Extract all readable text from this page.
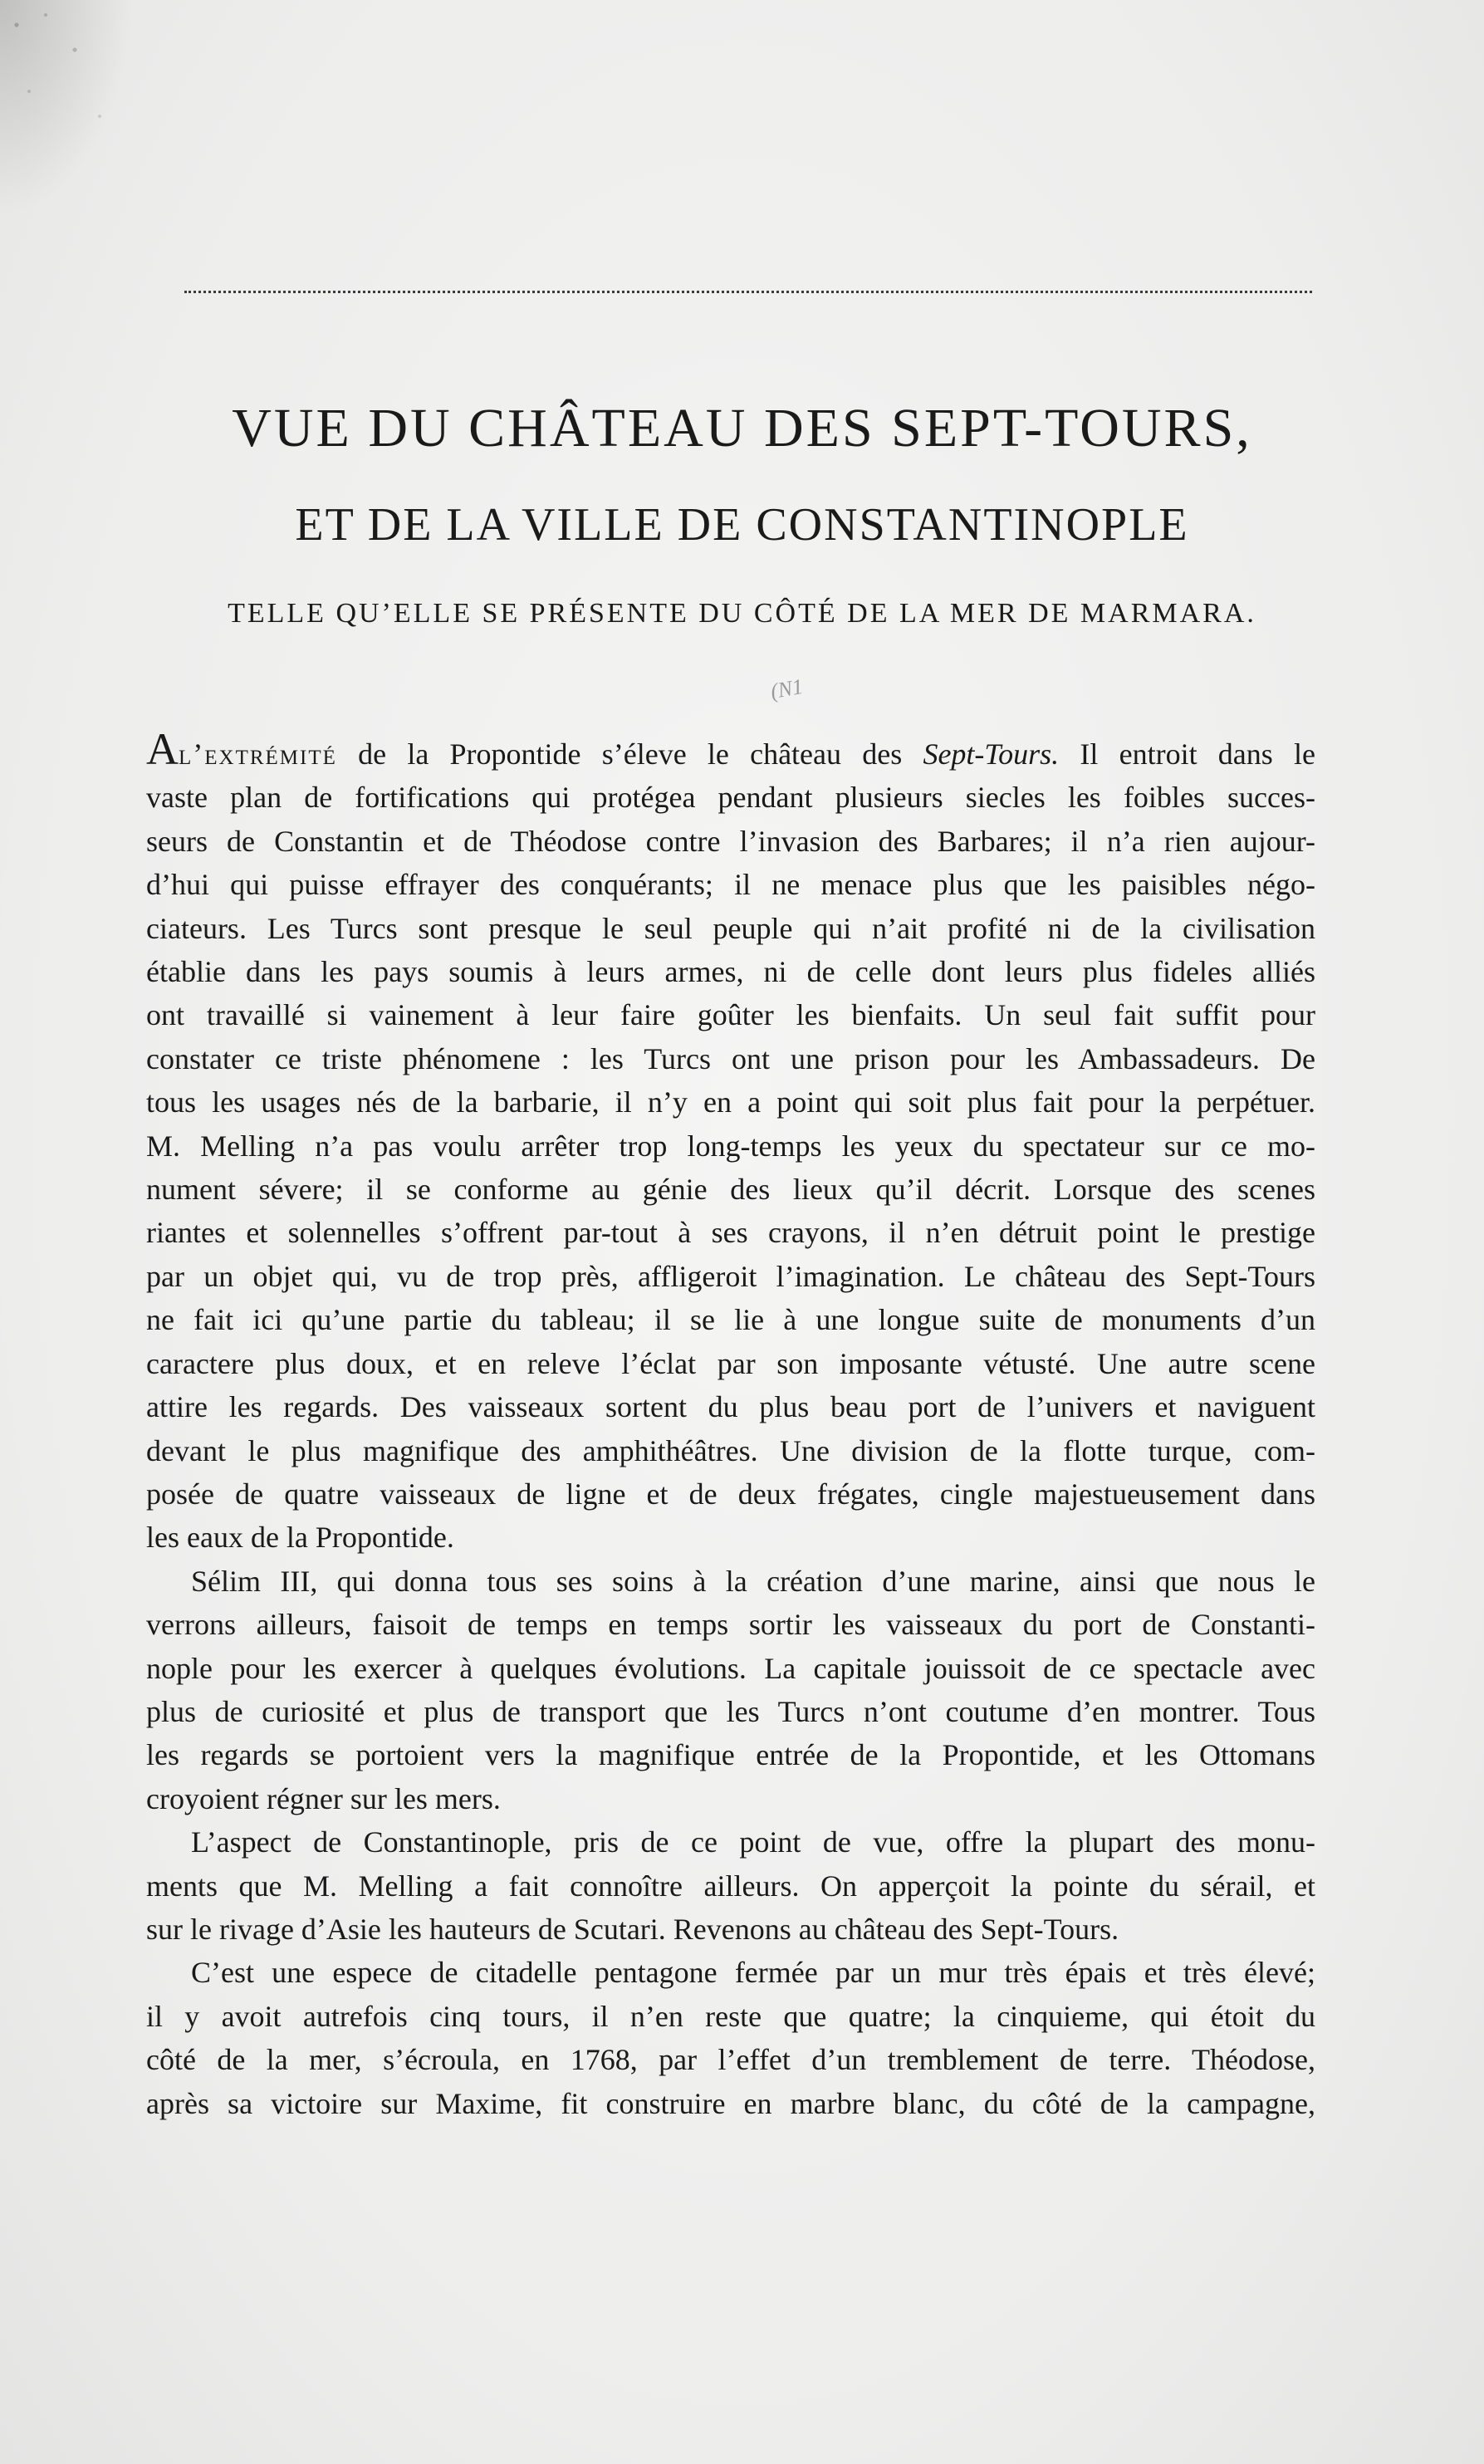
VUE DU CHÂTEAU DES SEPT-TOURS,
ET DE LA VILLE DE CONSTANTINOPLE
TELLE QU’ELLE SE PRÉSENTE DU CÔTÉ DE LA MER DE MARMARA.
(N1

Al’extrémité de la Propontide s’éleve le château des Sept-Tours. Il entroit dans le
vaste plan de fortifications qui protégea pendant plusieurs siecles les foibles succes-
seurs de Constantin et de Théodose contre l’invasion des Barbares; il n’a rien aujour-
d’hui qui puisse effrayer des conquérants; il ne menace plus que les paisibles négo-
ciateurs. Les Turcs sont presque le seul peuple qui n’ait profité ni de la civilisation
établie dans les pays soumis à leurs armes, ni de celle dont leurs plus fideles alliés
ont travaillé si vainement à leur faire goûter les bienfaits. Un seul fait suffit pour
constater ce triste phénomene : les Turcs ont une prison pour les Ambassadeurs. De
tous les usages nés de la barbarie, il n’y en a point qui soit plus fait pour la perpétuer.
M. Melling n’a pas voulu arrêter trop long-temps les yeux du spectateur sur ce mo-
nument sévere; il se conforme au génie des lieux qu’il décrit. Lorsque des scenes
riantes et solennelles s’offrent par-tout à ses crayons, il n’en détruit point le prestige
par un objet qui, vu de trop près, affligeroit l’imagination. Le château des Sept-Tours
ne fait ici qu’une partie du tableau; il se lie à une longue suite de monuments d’un
caractere plus doux, et en releve l’éclat par son imposante vétusté. Une autre scene
attire les regards. Des vaisseaux sortent du plus beau port de l’univers et naviguent
devant le plus magnifique des amphithéâtres. Une division de la flotte turque, com-
posée de quatre vaisseaux de ligne et de deux frégates, cingle majestueusement dans
les eaux de la Propontide.

Sélim III, qui donna tous ses soins à la création d’une marine, ainsi que nous le
verrons ailleurs, faisoit de temps en temps sortir les vaisseaux du port de Constanti-
nople pour les exercer à quelques évolutions. La capitale jouissoit de ce spectacle avec
plus de curiosité et plus de transport que les Turcs n’ont coutume d’en montrer. Tous
les regards se portoient vers la magnifique entrée de la Propontide, et les Ottomans
croyoient régner sur les mers.

L’aspect de Constantinople, pris de ce point de vue, offre la plupart des monu-
ments que M. Melling a fait connoître ailleurs. On apperçoit la pointe du sérail, et
sur le rivage d’Asie les hauteurs de Scutari. Revenons au château des Sept-Tours.

C’est une espece de citadelle pentagone fermée par un mur très épais et très élevé;
il y avoit autrefois cinq tours, il n’en reste que quatre; la cinquieme, qui étoit du
côté de la mer, s’écroula, en 1768, par l’effet d’un tremblement de terre. Théodose,
après sa victoire sur Maxime, fit construire en marbre blanc, du côté de la campagne,
